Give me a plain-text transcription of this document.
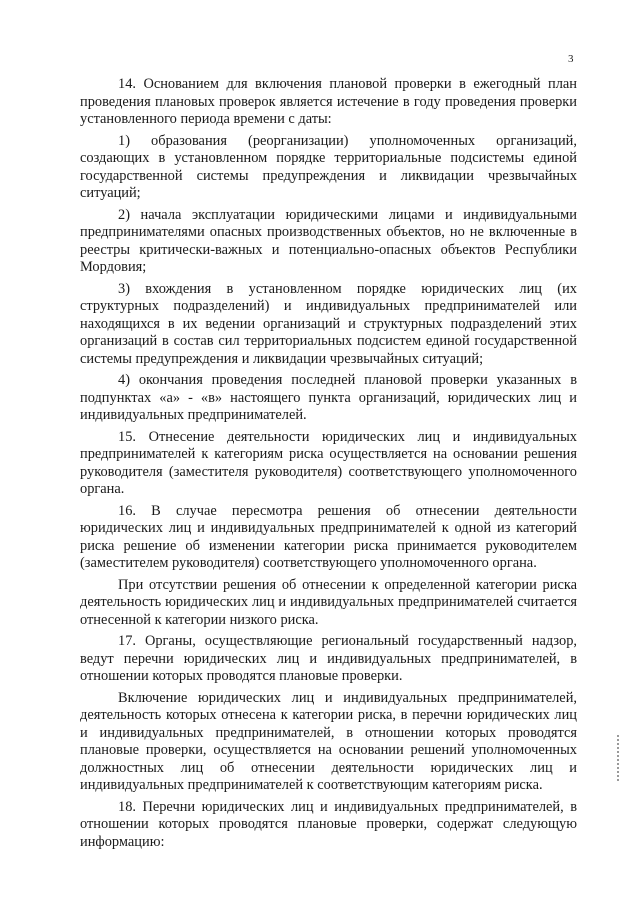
3

14. Основанием для включения плановой проверки в ежегодный план проведения плановых проверок является истечение в году проведения проверки установленного периода времени с даты:

1) образования (реорганизации) уполномоченных организаций, создающих в установленном порядке территориальные подсистемы единой государственной системы предупреждения и ликвидации чрезвычайных ситуаций;

2) начала эксплуатации юридическими лицами и индивидуальными предпринимателями опасных производственных объектов, но не включенные в реестры критически-важных и потенциально-опасных объектов Республики Мордовия;

3) вхождения в установленном порядке юридических лиц (их структурных подразделений) и индивидуальных предпринимателей или находящихся в их ведении организаций и структурных подразделений этих организаций в состав сил территориальных подсистем единой государственной системы предупреждения и ликвидации чрезвычайных ситуаций;

4) окончания проведения последней плановой проверки указанных в подпунктах «а» - «в» настоящего пункта организаций, юридических лиц и индивидуальных предпринимателей.

15. Отнесение деятельности юридических лиц и индивидуальных предпринимателей к категориям риска осуществляется на основании решения руководителя (заместителя руководителя) соответствующего уполномоченного органа.

16. В случае пересмотра решения об отнесении деятельности юридических лиц и индивидуальных предпринимателей к одной из категорий риска решение об изменении категории риска принимается руководителем (заместителем руководителя) соответствующего уполномоченного органа.

При отсутствии решения об отнесении к определенной категории риска деятельность юридических лиц и индивидуальных предпринимателей считается отнесенной к категории низкого риска.

17. Органы, осуществляющие региональный государственный надзор, ведут перечни юридических лиц и индивидуальных предпринимателей, в отношении которых проводятся плановые проверки.

Включение юридических лиц и индивидуальных предпринимателей, деятельность которых отнесена к категории риска, в перечни юридических лиц и индивидуальных предпринимателей, в отношении которых проводятся плановые проверки, осуществляется на основании решений уполномоченных должностных лиц об отнесении деятельности юридических лиц и индивидуальных предпринимателей к соответствующим категориям риска.

18. Перечни юридических лиц и индивидуальных предпринимателей, в отношении которых проводятся плановые проверки, содержат следующую информацию:
